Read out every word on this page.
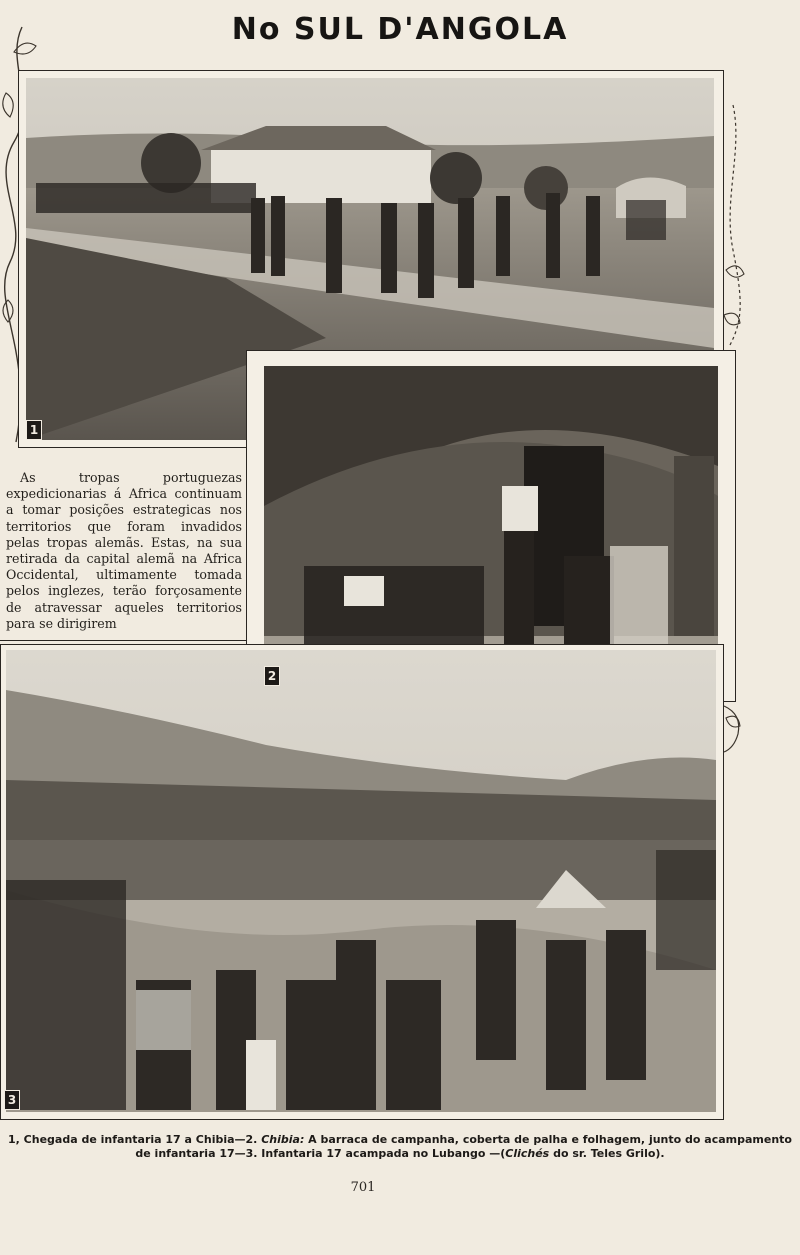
No SUL D'ANGOLA
As tropas portuguezas expedicionarias á Africa continuam a tomar posições estrategicas nos territorios que foram invadidos pelas tropas alemãs. Estas, na sua retirada da capital alemã na Africa Occidental, ultimamente tomada pelos inglezes, terão forçosamente de atravessar aqueles territorios para se dirigirem
1
2
3
1, Chegada de infantaria 17 a Chibia—2. Chibia: A barraca de campanha, coberta de palha e folhagem, junto do acampamento de infantaria 17—3. Infantaria 17 acampada no Lubango —(Clichés do sr. Teles Grilo).
701
